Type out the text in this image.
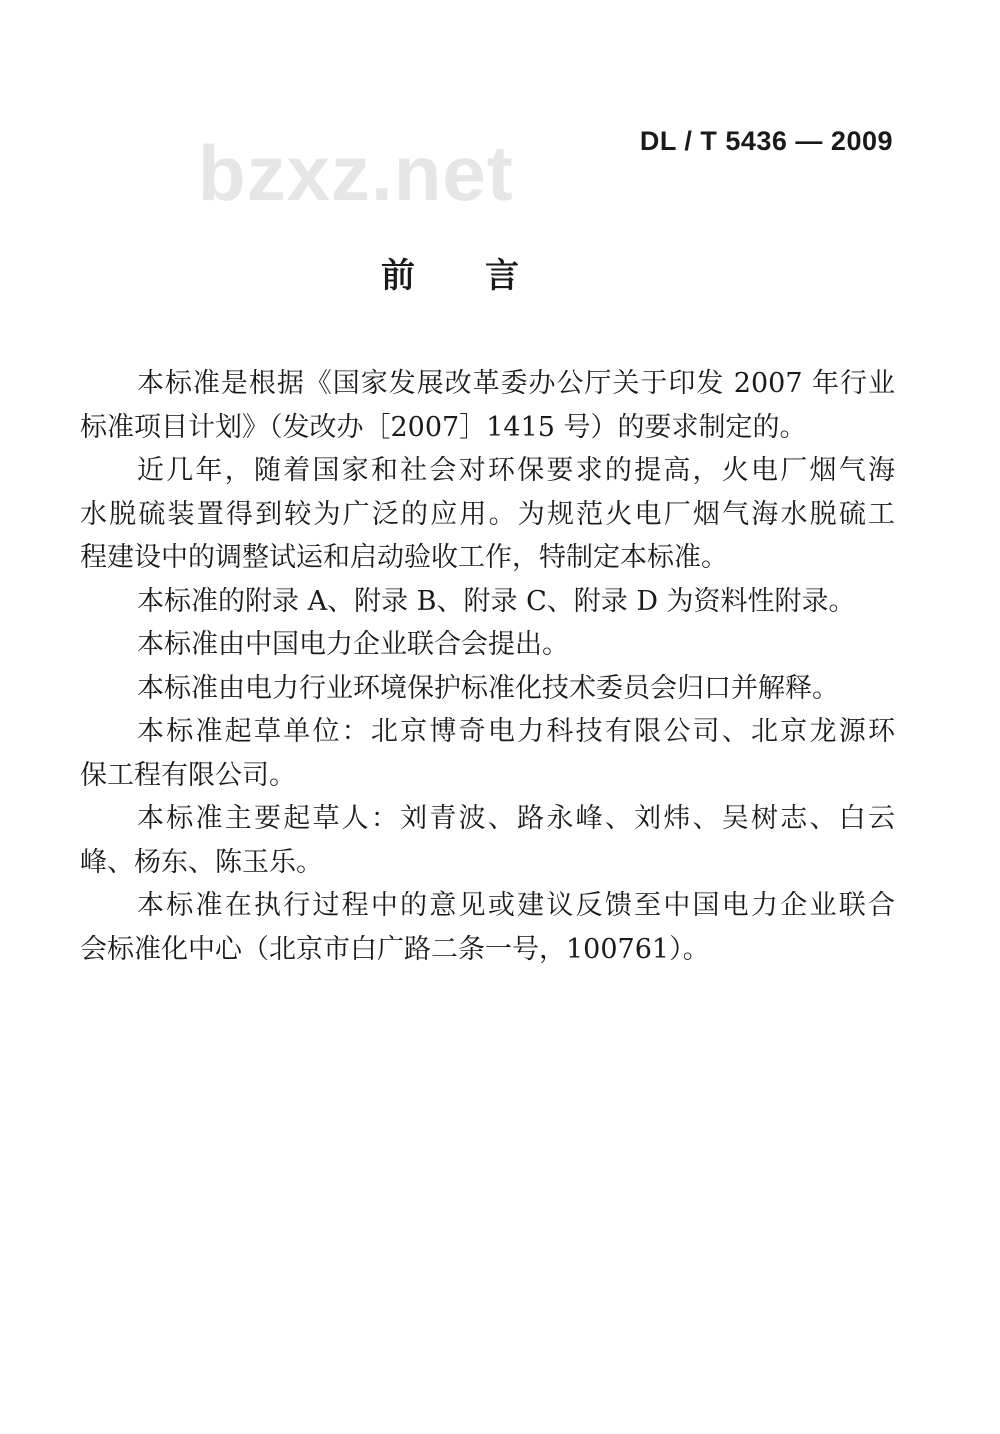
bzxz.net	DL / T 5436 — 2009
前言
本标准是根据《国家发展改革委办公厅关于印发 2007 年行业
标准项目计划》（发改办［2007］1415 号）的要求制定的。
近几年，随着国家和社会对环保要求的提高，火电厂烟气海
水脱硫装置得到较为广泛的应用。为规范火电厂烟气海水脱硫工
程建设中的调整试运和启动验收工作，特制定本标准。
本标准的附录 A、附录 B、附录 C、附录 D 为资料性附录。
本标准由中国电力企业联合会提出。
本标准由电力行业环境保护标准化技术委员会归口并解释。
本标准起草单位：北京博奇电力科技有限公司、北京龙源环
保工程有限公司。
本标准主要起草人：刘青波、路永峰、刘炜、吴树志、白云
峰、杨东、陈玉乐。
本标准在执行过程中的意见或建议反馈至中国电力企业联合
会标准化中心（北京市白广路二条一号，100761）。
